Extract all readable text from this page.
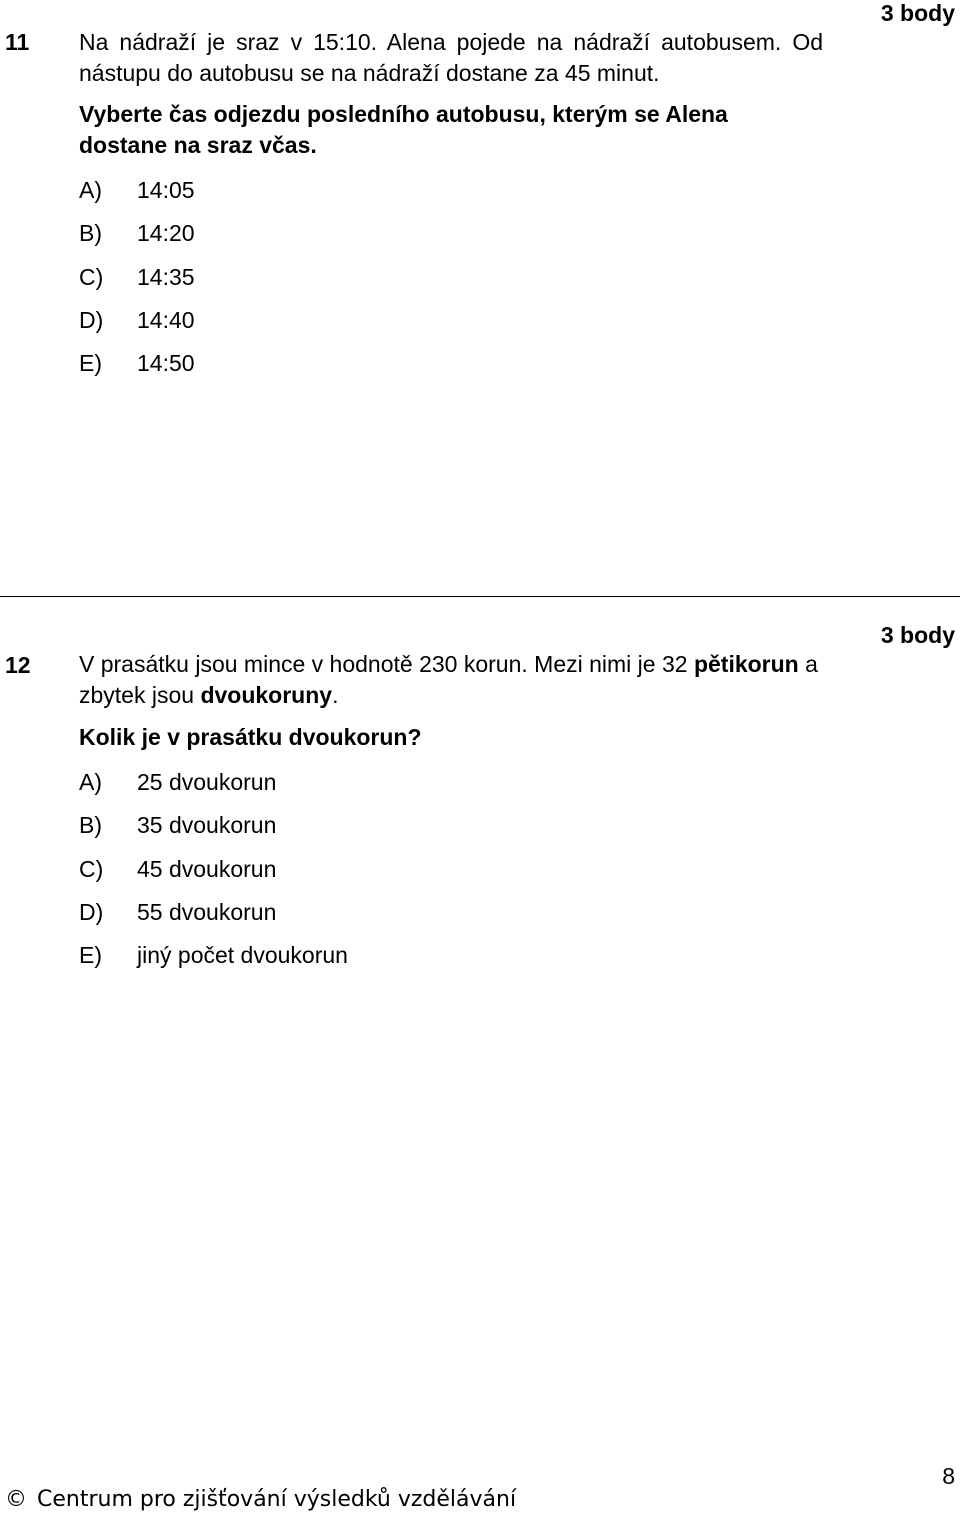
11
3 body
Na nádraží je sraz v 15:10. Alena pojede na nádraží autobusem. Od
nástupu do autobusu se na nádraží dostane za 45 minut.
Vyberte čas odjezdu posledního autobusu, kterým se Alena dostane na sraz včas.
A) 14:05
B) 14:20
C) 14:35
D) 14:40
E) 14:50
3 body
12 V prasátku jsou mince v hodnotě 230 korun. Mezi nimi je 32 pětikorun a zbytek jsou dvoukoruny.
Kolik je v prasátku dvoukorun?
A) 25 dvoukorun
B) 35 dvoukorun
C) 45 dvoukorun
D) 55 dvoukorun
E) jiný počet dvoukorun
8
© Centrum pro zjišťování výsledků vzdělávání
